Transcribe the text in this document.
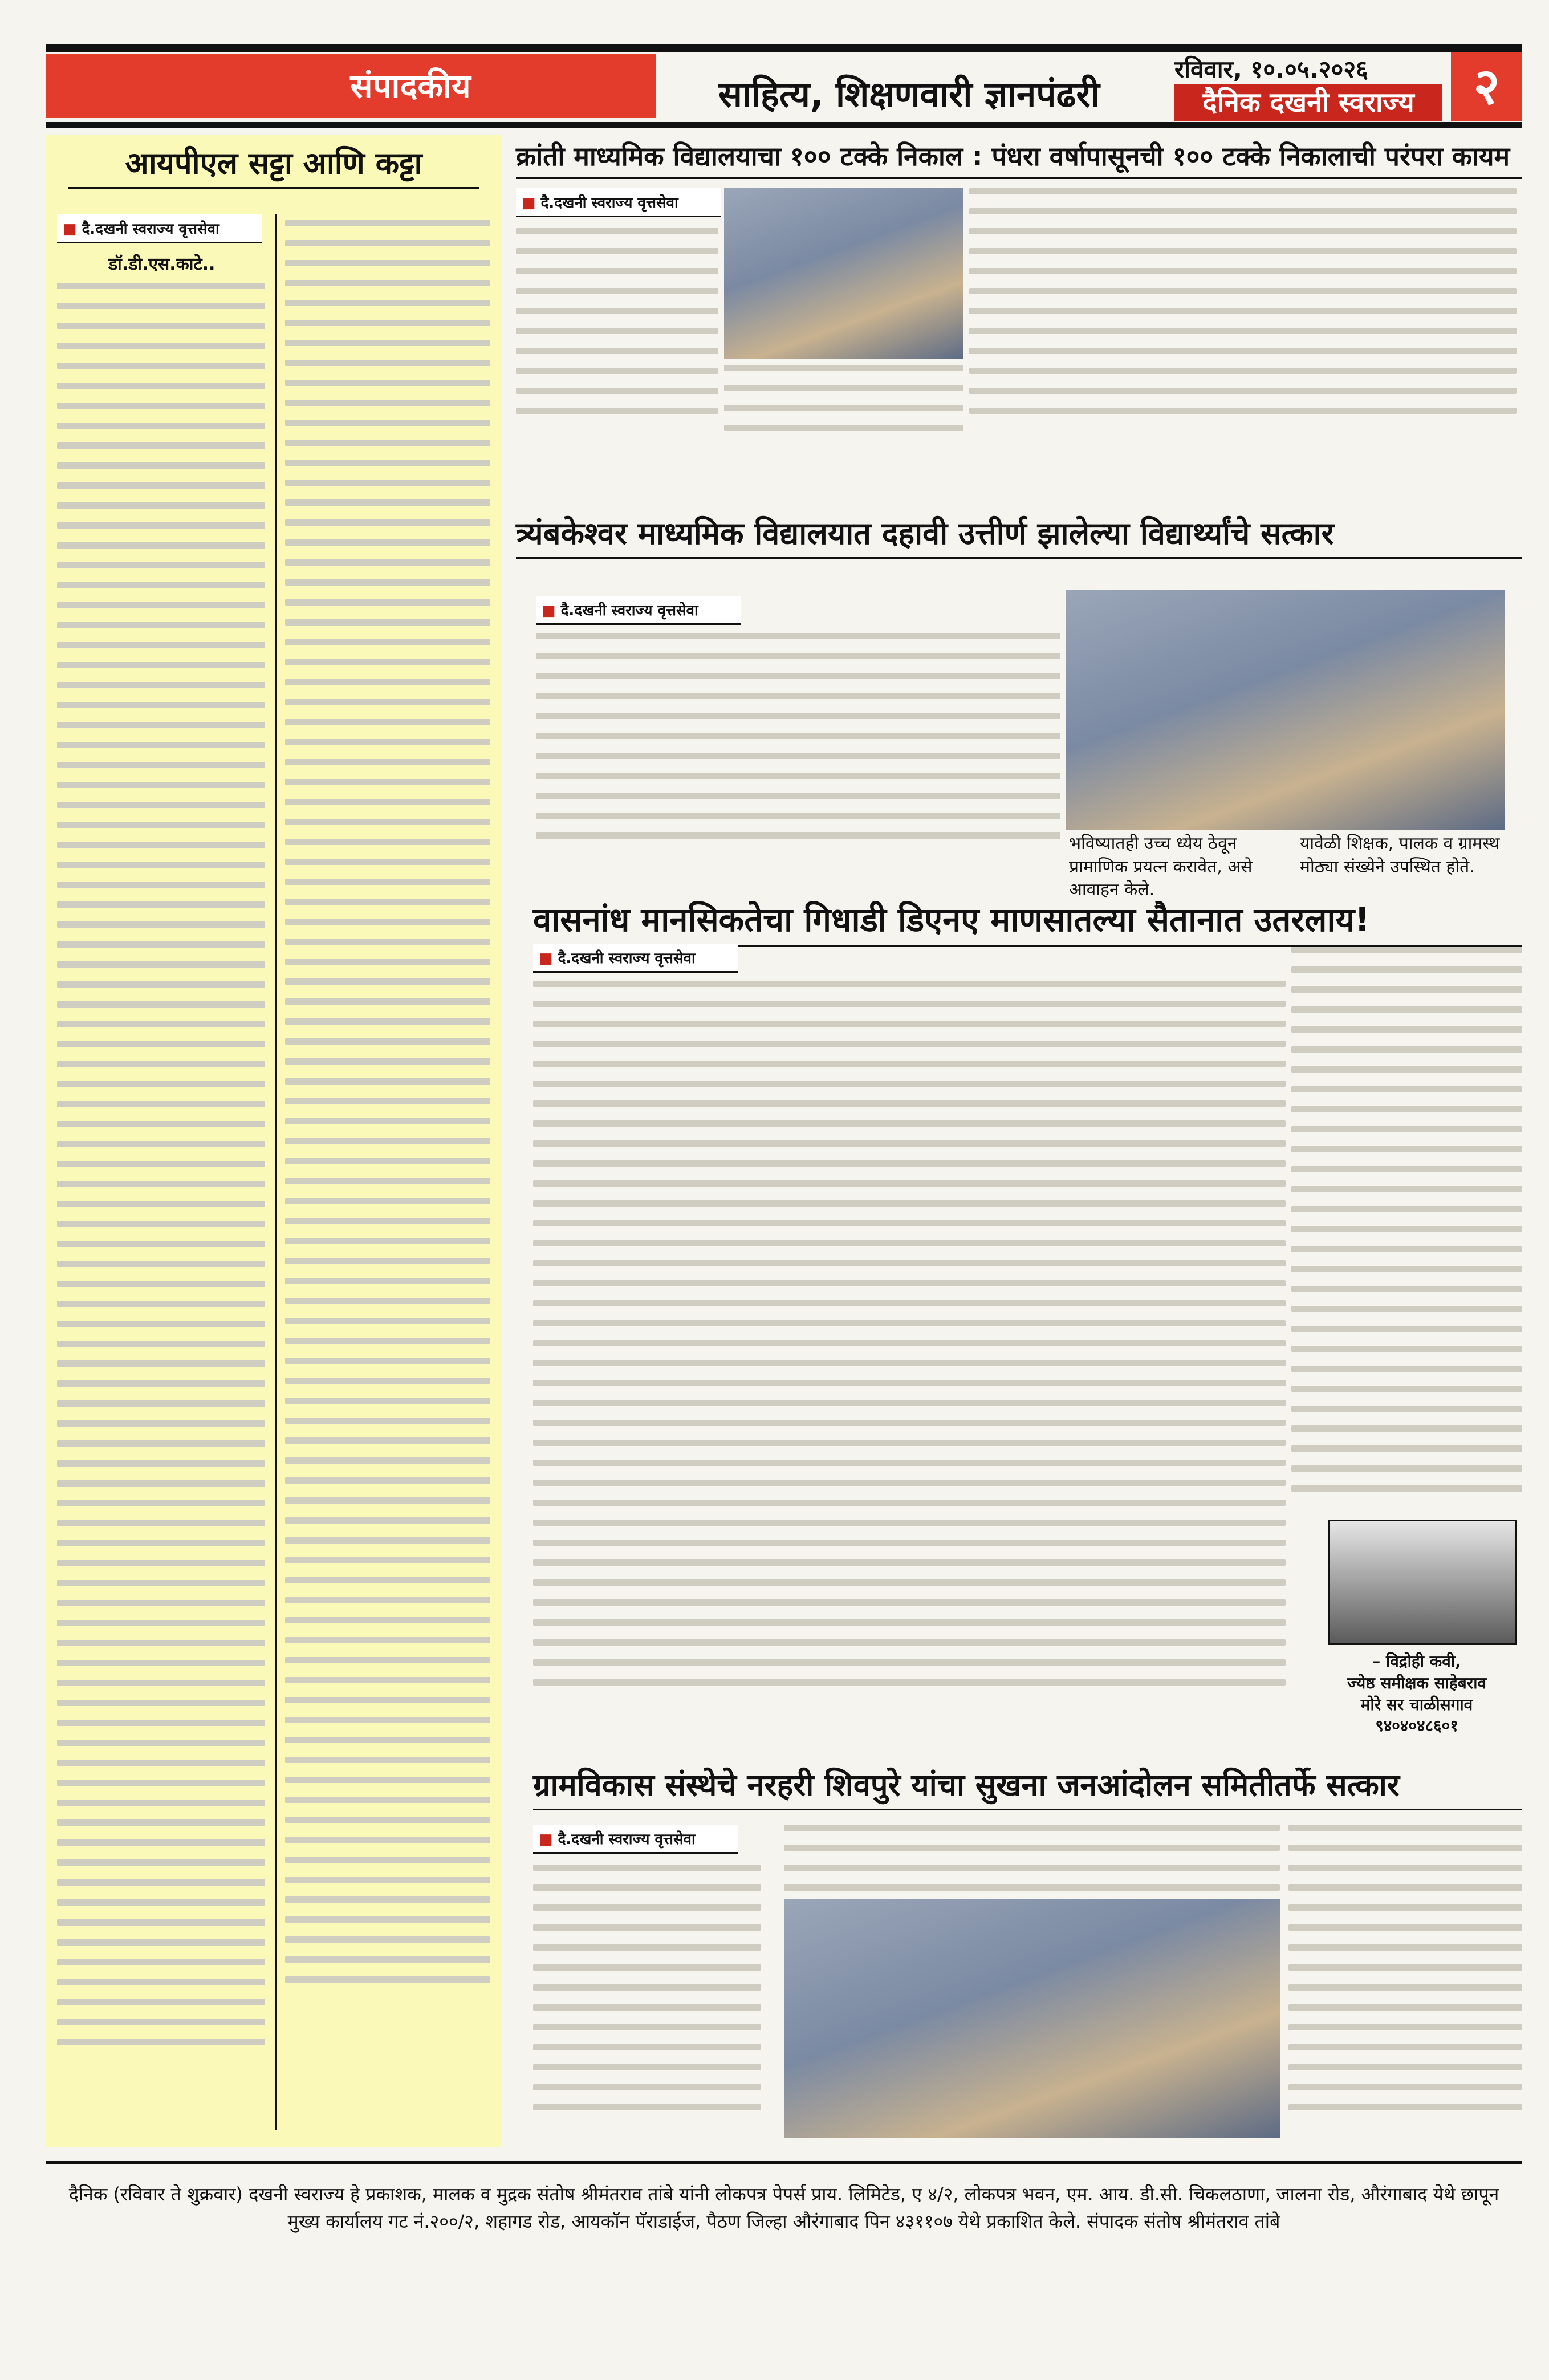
संपादकीय	साहित्य, शिक्षणवारी ज्ञानपंढरी
रविवार, १०.०५.२०२६
दैनिक दखनी स्वराज्य	२
आयपीएल सट्टा आणि कट्टा
■ दै.दखनी स्वराज्य वृत्तसेवा
डॉ.डी.एस.काटे..
क्रांती माध्यमिक विद्यालयाचा १०० टक्के निकाल : पंधरा वर्षापासूनची १०० टक्के निकालाची परंपरा कायम
■ दै.दखनी स्वराज्य वृत्तसेवा
त्र्यंबकेश्वर माध्यमिक विद्यालयात दहावी उत्तीर्ण झालेल्या विद्यार्थ्यांचे सत्कार
■ दै.दखनी स्वराज्य वृत्तसेवा
भविष्यातही उच्च ध्येय ठेवून प्रामाणिक प्रयत्न करावेत, असे आवाहन केले.
यावेळी शिक्षक, पालक व ग्रामस्थ मोठ्या संख्येने उपस्थित होते.
वासनांध मानसिकतेचा गिधाडी डिएनए माणसातल्या सैतानात उतरलाय!
■ दै.दखनी स्वराज्य वृत्तसेवा
– विद्रोही कवी,
ज्येष्ठ समीक्षक साहेबराव
मोरे सर चाळीसगाव
९४०४०४८६०१
ग्रामविकास संस्थेचे नरहरी शिवपुरे यांचा सुखना जनआंदोलन समितीतर्फे सत्कार
■ दै.दखनी स्वराज्य वृत्तसेवा
दैनिक (रविवार ते शुक्रवार) दखनी स्वराज्य हे प्रकाशक, मालक व मुद्रक संतोष श्रीमंतराव तांबे यांनी लोकपत्र पेपर्स प्राय. लिमिटेड, ए ४/२, लोकपत्र भवन, एम. आय. डी.सी. चिकलठाणा, जालना रोड, औरंगाबाद येथे छापून
मुख्य कार्यालय गट नं.२००/२, शहागड रोड, आयकॉन पॅराडाईज, पैठण जिल्हा औरंगाबाद पिन ४३११०७ येथे प्रकाशित केले. संपादक संतोष श्रीमंतराव तांबे
